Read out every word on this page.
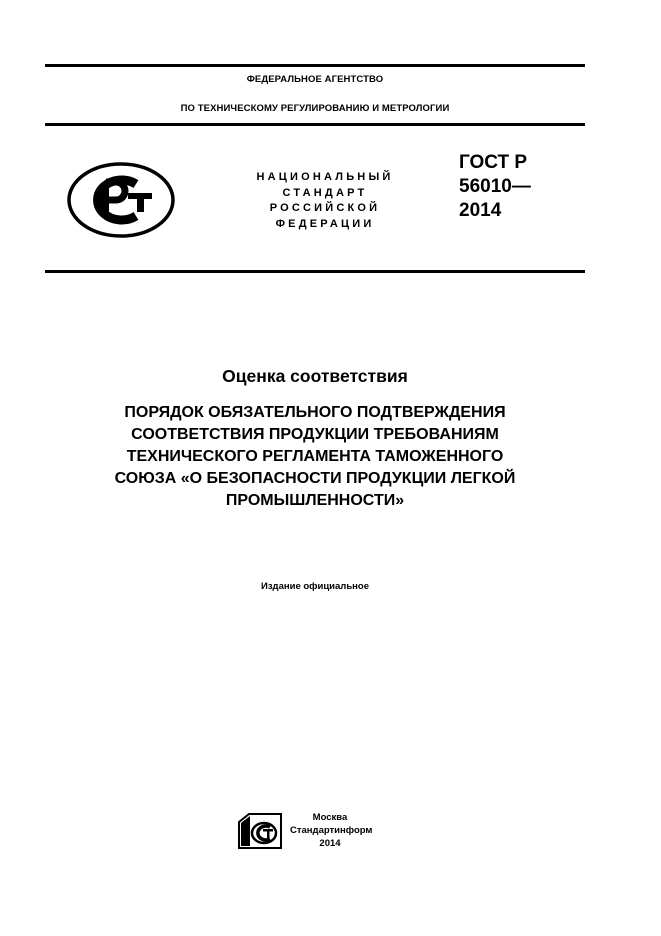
ФЕДЕРАЛЬНОЕ АГЕНТСТВО
ПО ТЕХНИЧЕСКОМУ РЕГУЛИРОВАНИЮ И МЕТРОЛОГИИ
НАЦИОНАЛЬНЫЙ
СТАНДАРТ
РОССИЙСКОЙ
ФЕДЕРАЦИИ
ГОСТ Р
56010—
2014
Оценка соответствия
ПОРЯДОК ОБЯЗАТЕЛЬНОГО ПОДТВЕРЖДЕНИЯ
СООТВЕТСТВИЯ ПРОДУКЦИИ ТРЕБОВАНИЯМ
ТЕХНИЧЕСКОГО РЕГЛАМЕНТА ТАМОЖЕННОГО
СОЮЗА «О БЕЗОПАСНОСТИ ПРОДУКЦИИ ЛЕГКОЙ
ПРОМЫШЛЕННОСТИ»
Издание официальное
Москва
Стандартинформ
2014
